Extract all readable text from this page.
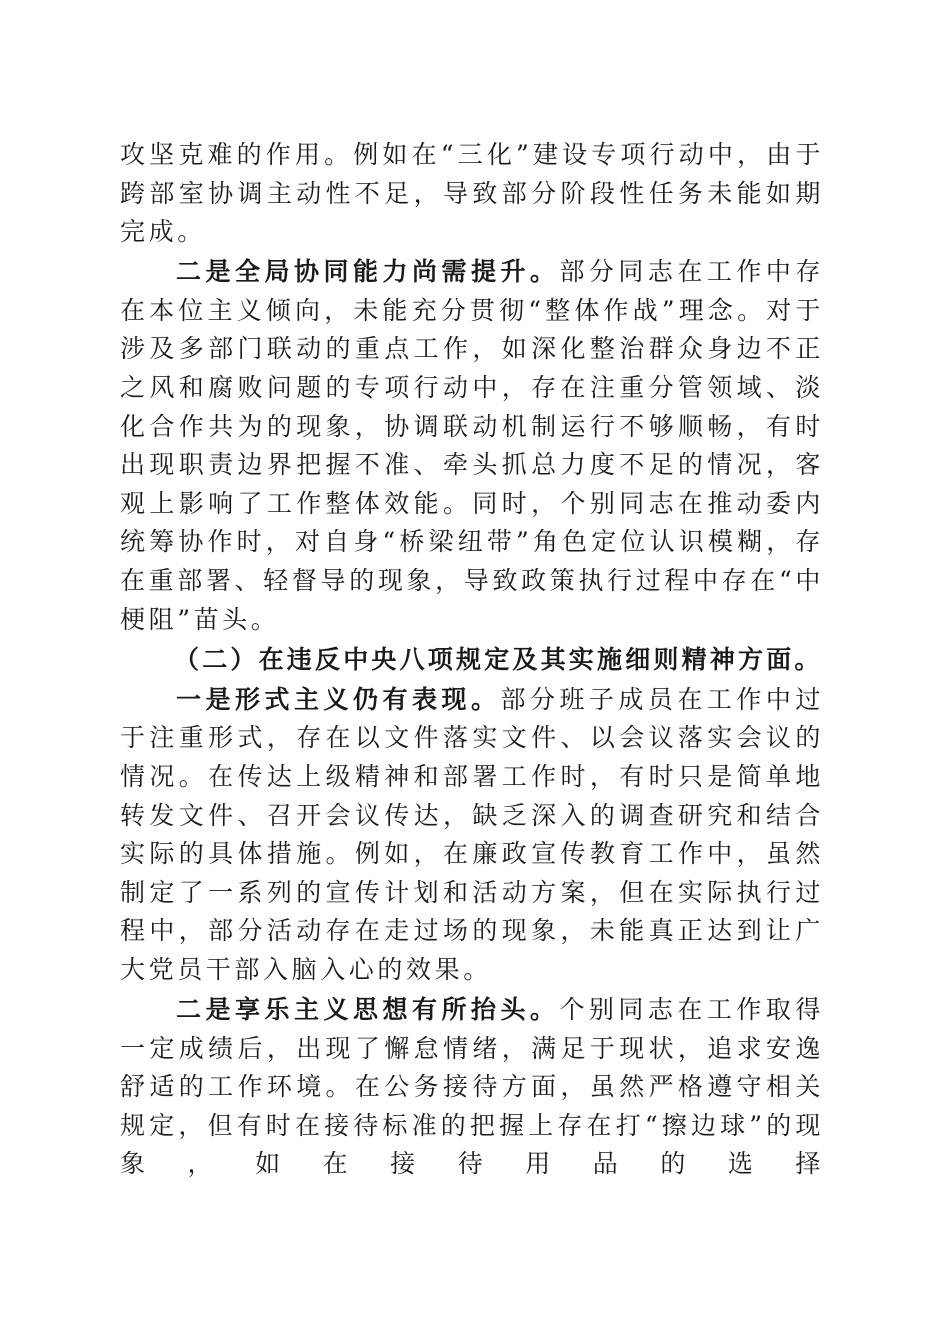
攻坚克难的作用。例如在“三化”建设专项行动中，由于跨部室协调主动性不足，导致部分阶段性任务未能如期完成。

二是全局协同能力尚需提升。部分同志在工作中存在本位主义倾向，未能充分贯彻“整体作战”理念。对于涉及多部门联动的重点工作，如深化整治群众身边不正之风和腐败问题的专项行动中，存在注重分管领域、淡化合作共为的现象，协调联动机制运行不够顺畅，有时出现职责边界把握不准、牵头抓总力度不足的情况，客观上影响了工作整体效能。同时，个别同志在推动委内统筹协作时，对自身“桥梁纽带”角色定位认识模糊，存在重部署、轻督导的现象，导致政策执行过程中存在“中梗阻”苗头。

（二）在违反中央八项规定及其实施细则精神方面。

一是形式主义仍有表现。部分班子成员在工作中过于注重形式，存在以文件落实文件、以会议落实会议的情况。在传达上级精神和部署工作时，有时只是简单地转发文件、召开会议传达，缺乏深入的调查研究和结合实际的具体措施。例如，在廉政宣传教育工作中，虽然制定了一系列的宣传计划和活动方案，但在实际执行过程中，部分活动存在走过场的现象，未能真正达到让广大党员干部入脑入心的效果。

二是享乐主义思想有所抬头。个别同志在工作取得一定成绩后，出现了懈怠情绪，满足于现状，追求安逸舒适的工作环境。在公务接待方面，虽然严格遵守相关规定，但有时在接待标准的把握上存在打“擦边球”的现象，如在接待用品的选择
